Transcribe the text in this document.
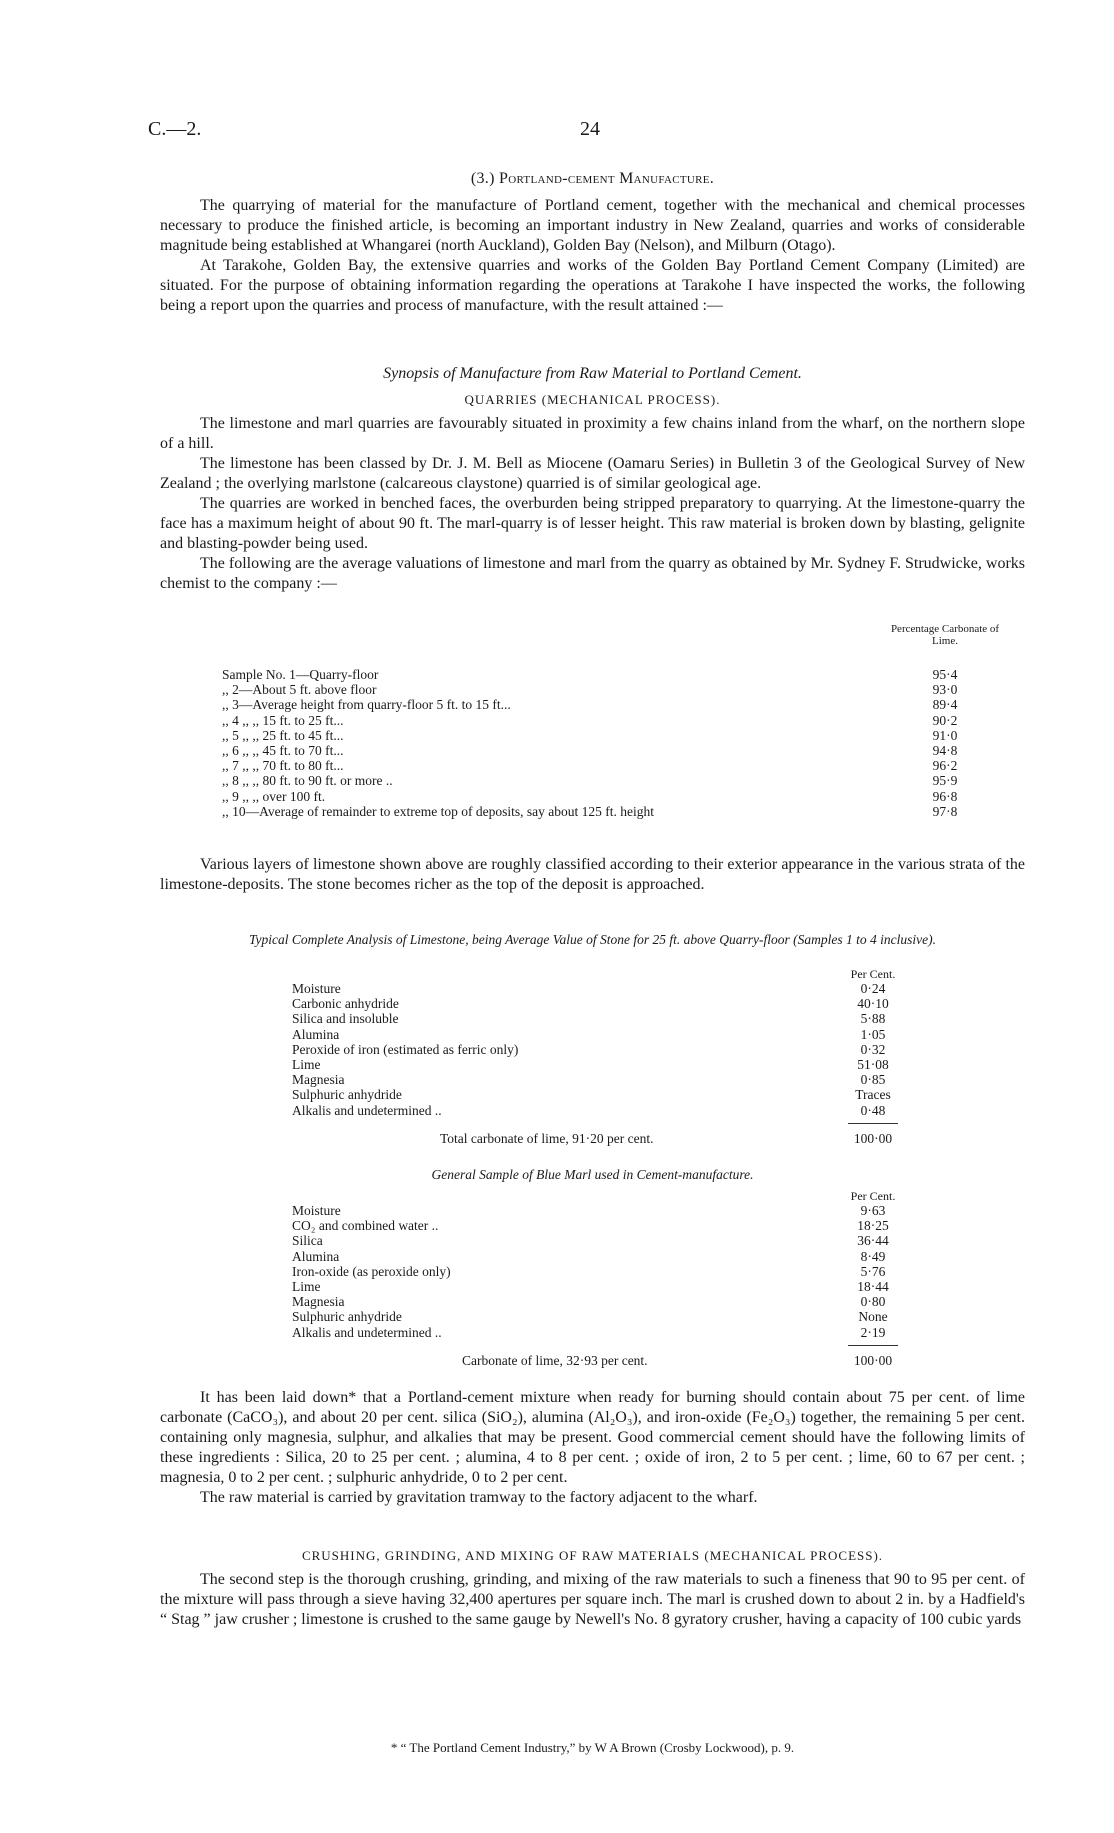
C.—2.	24
(3.) Portland-cement Manufacture.

The quarrying of material for the manufacture of Portland cement, together with the mechanical and chemical processes necessary to produce the finished article, is becoming an important industry in New Zealand, quarries and works of considerable magnitude being established at Whangarei (north Auckland), Golden Bay (Nelson), and Milburn (Otago).

At Tarakohe, Golden Bay, the extensive quarries and works of the Golden Bay Portland Cement Company (Limited) are situated. For the purpose of obtaining information regarding the operations at Tarakohe I have inspected the works, the following being a report upon the quarries and process of manufacture, with the result attained :—

Synopsis of Manufacture from Raw Material to Portland Cement.
QUARRIES (MECHANICAL PROCESS).

The limestone and marl quarries are favourably situated in proximity a few chains inland from the wharf, on the northern slope of a hill.

The limestone has been classed by Dr. J. M. Bell as Miocene (Oamaru Series) in Bulletin 3 of the Geological Survey of New Zealand ; the overlying marlstone (calcareous claystone) quarried is of similar geological age.

The quarries are worked in benched faces, the overburden being stripped preparatory to quarrying. At the limestone-quarry the face has a maximum height of about 90 ft. The marl-quarry is of lesser height. This raw material is broken down by blasting, gelignite and blasting-powder being used.

The following are the average valuations of limestone and marl from the quarry as obtained by Mr. Sydney F. Strudwicke, works chemist to the company :—

Percentage Carbonate of Lime.
Sample No. 1—Quarry-floor	95·4
,, 2—About 5 ft. above floor	93·0
,, 3—Average height from quarry-floor 5 ft. to 15 ft...	89·4
,, 4 ,, ,, 15 ft. to 25 ft...	90·2
,, 5 ,, ,, 25 ft. to 45 ft...	91·0
,, 6 ,, ,, 45 ft. to 70 ft...	94·8
,, 7 ,, ,, 70 ft. to 80 ft...	96·2
,, 8 ,, ,, 80 ft. to 90 ft. or more ..	95·9
,, 9 ,, ,, over 100 ft.	96·8
,, 10—Average of remainder to extreme top of deposits, say about 125 ft. height	97·8

Various layers of limestone shown above are roughly classified according to their exterior appearance in the various strata of the limestone-deposits. The stone becomes richer as the top of the deposit is approached.

Typical Complete Analysis of Limestone, being Average Value of Stone for 25 ft. above Quarry-floor (Samples 1 to 4 inclusive).
Per Cent.
Moisture	0·24
Carbonic anhydride	40·10
Silica and insoluble	5·88
Alumina	1·05
Peroxide of iron (estimated as ferric only)	0·32
Lime	51·08
Magnesia	0·85
Sulphuric anhydride	Traces
Alkalis and undetermined ..	0·48
Total carbonate of lime, 91·20 per cent.	100·00
General Sample of Blue Marl used in Cement-manufacture.
Per Cent.
Moisture	9·63
CO₂ and combined water ..	18·25
Silica	36·44
Alumina	8·49
Iron-oxide (as peroxide only)	5·76
Lime	18·44
Magnesia	0·80
Sulphuric anhydride	None
Alkalis and undetermined ..	2·19
Carbonate of lime, 32·93 per cent.	100·00

It has been laid down* that a Portland-cement mixture when ready for burning should contain about 75 per cent. of lime carbonate (CaCO₃), and about 20 per cent. silica (SiO₂), alumina (Al₂O₃), and iron-oxide (Fe₂O₃) together, the remaining 5 per cent. containing only magnesia, sulphur, and alkalies that may be present. Good commercial cement should have the following limits of these ingredients : Silica, 20 to 25 per cent. ; alumina, 4 to 8 per cent. ; oxide of iron, 2 to 5 per cent. ; lime, 60 to 67 per cent. ; magnesia, 0 to 2 per cent. ; sulphuric anhydride, 0 to 2 per cent.

The raw material is carried by gravitation tramway to the factory adjacent to the wharf.

CRUSHING, GRINDING, AND MIXING OF RAW MATERIALS (MECHANICAL PROCESS).

The second step is the thorough crushing, grinding, and mixing of the raw materials to such a fineness that 90 to 95 per cent. of the mixture will pass through a sieve having 32,400 apertures per square inch. The marl is crushed down to about 2 in. by a Hadfield's “ Stag ” jaw crusher ; limestone is crushed to the same gauge by Newell's No. 8 gyratory crusher, having a capacity of 100 cubic yards

* “ The Portland Cement Industry,” by W A Brown (Crosby Lockwood), p. 9.
